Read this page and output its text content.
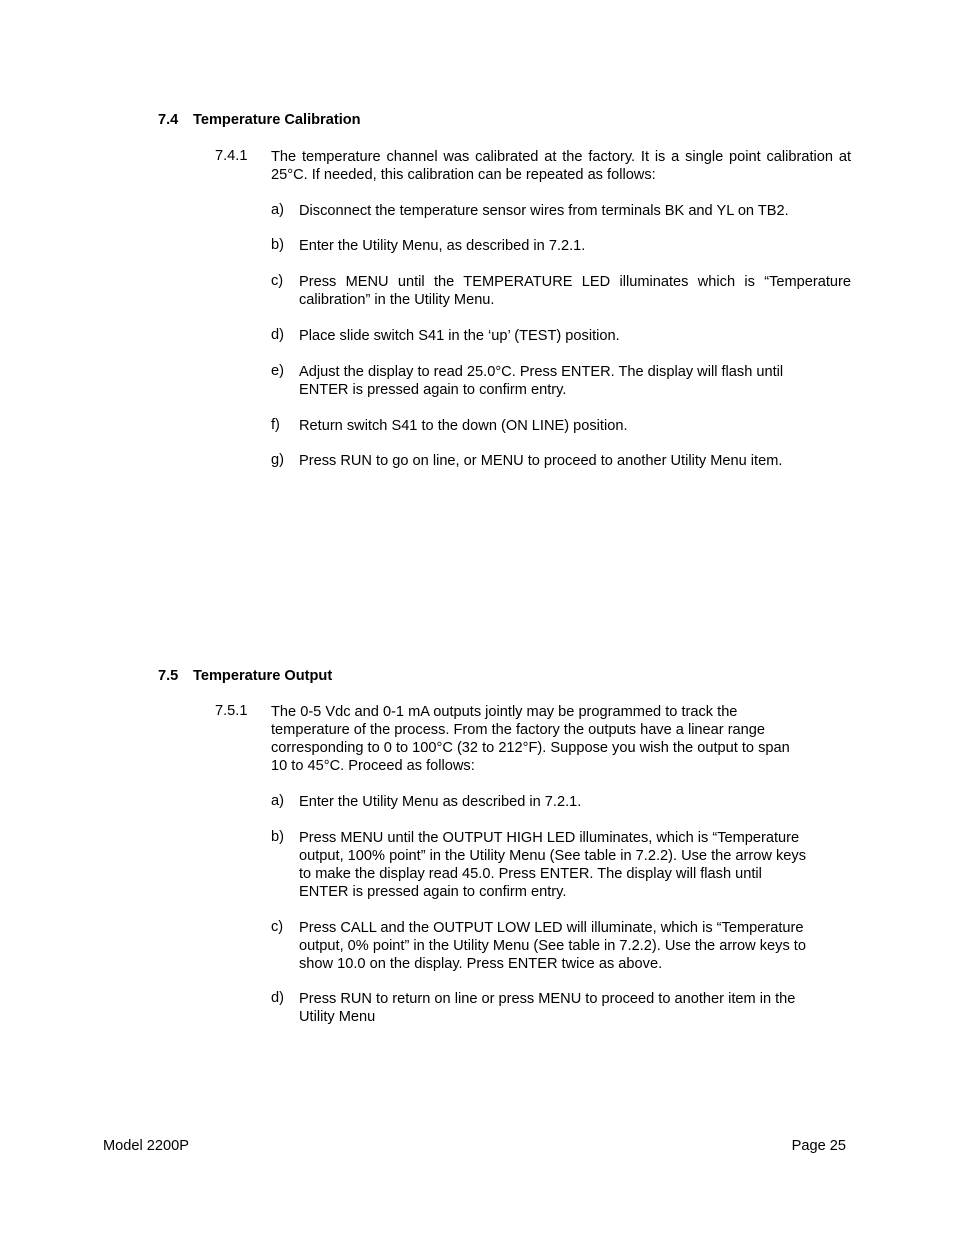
7.4 Temperature Calibration
7.4.1 The temperature channel was calibrated at the factory. It is a single point calibration at 25°C. If needed, this calibration can be repeated as follows:
a) Disconnect the temperature sensor wires from terminals BK and YL on TB2.
b) Enter the Utility Menu, as described in 7.2.1.
c) Press MENU until the TEMPERATURE LED illuminates which is “Temperature calibration” in the Utility Menu.
d) Place slide switch S41 in the ‘up’ (TEST) position.
e) Adjust the display to read 25.0°C. Press ENTER. The display will flash until ENTER is pressed again to confirm entry.
f) Return switch S41 to the down (ON LINE) position.
g) Press RUN to go on line, or MENU to proceed to another Utility Menu item.
7.5 Temperature Output
7.5.1 The 0-5 Vdc and 0-1 mA outputs jointly may be programmed to track the
temperature of the process. From the factory the outputs have a linear range
corresponding to 0 to 100°C (32 to 212°F). Suppose you wish the output to span
10 to 45°C. Proceed as follows:
a) Enter the Utility Menu as described in 7.2.1.
b) Press MENU until the OUTPUT HIGH LED illuminates, which is “Temperature
output, 100% point” in the Utility Menu (See table in 7.2.2). Use the arrow keys
to make the display read 45.0. Press ENTER. The display will flash until
ENTER is pressed again to confirm entry.
c) Press CALL and the OUTPUT LOW LED will illuminate, which is “Temperature
output, 0% point” in the Utility Menu (See table in 7.2.2). Use the arrow keys to
show 10.0 on the display. Press ENTER twice as above.
d) Press RUN to return on line or press MENU to proceed to another item in the
Utility Menu
Model 2200P	Page 25
